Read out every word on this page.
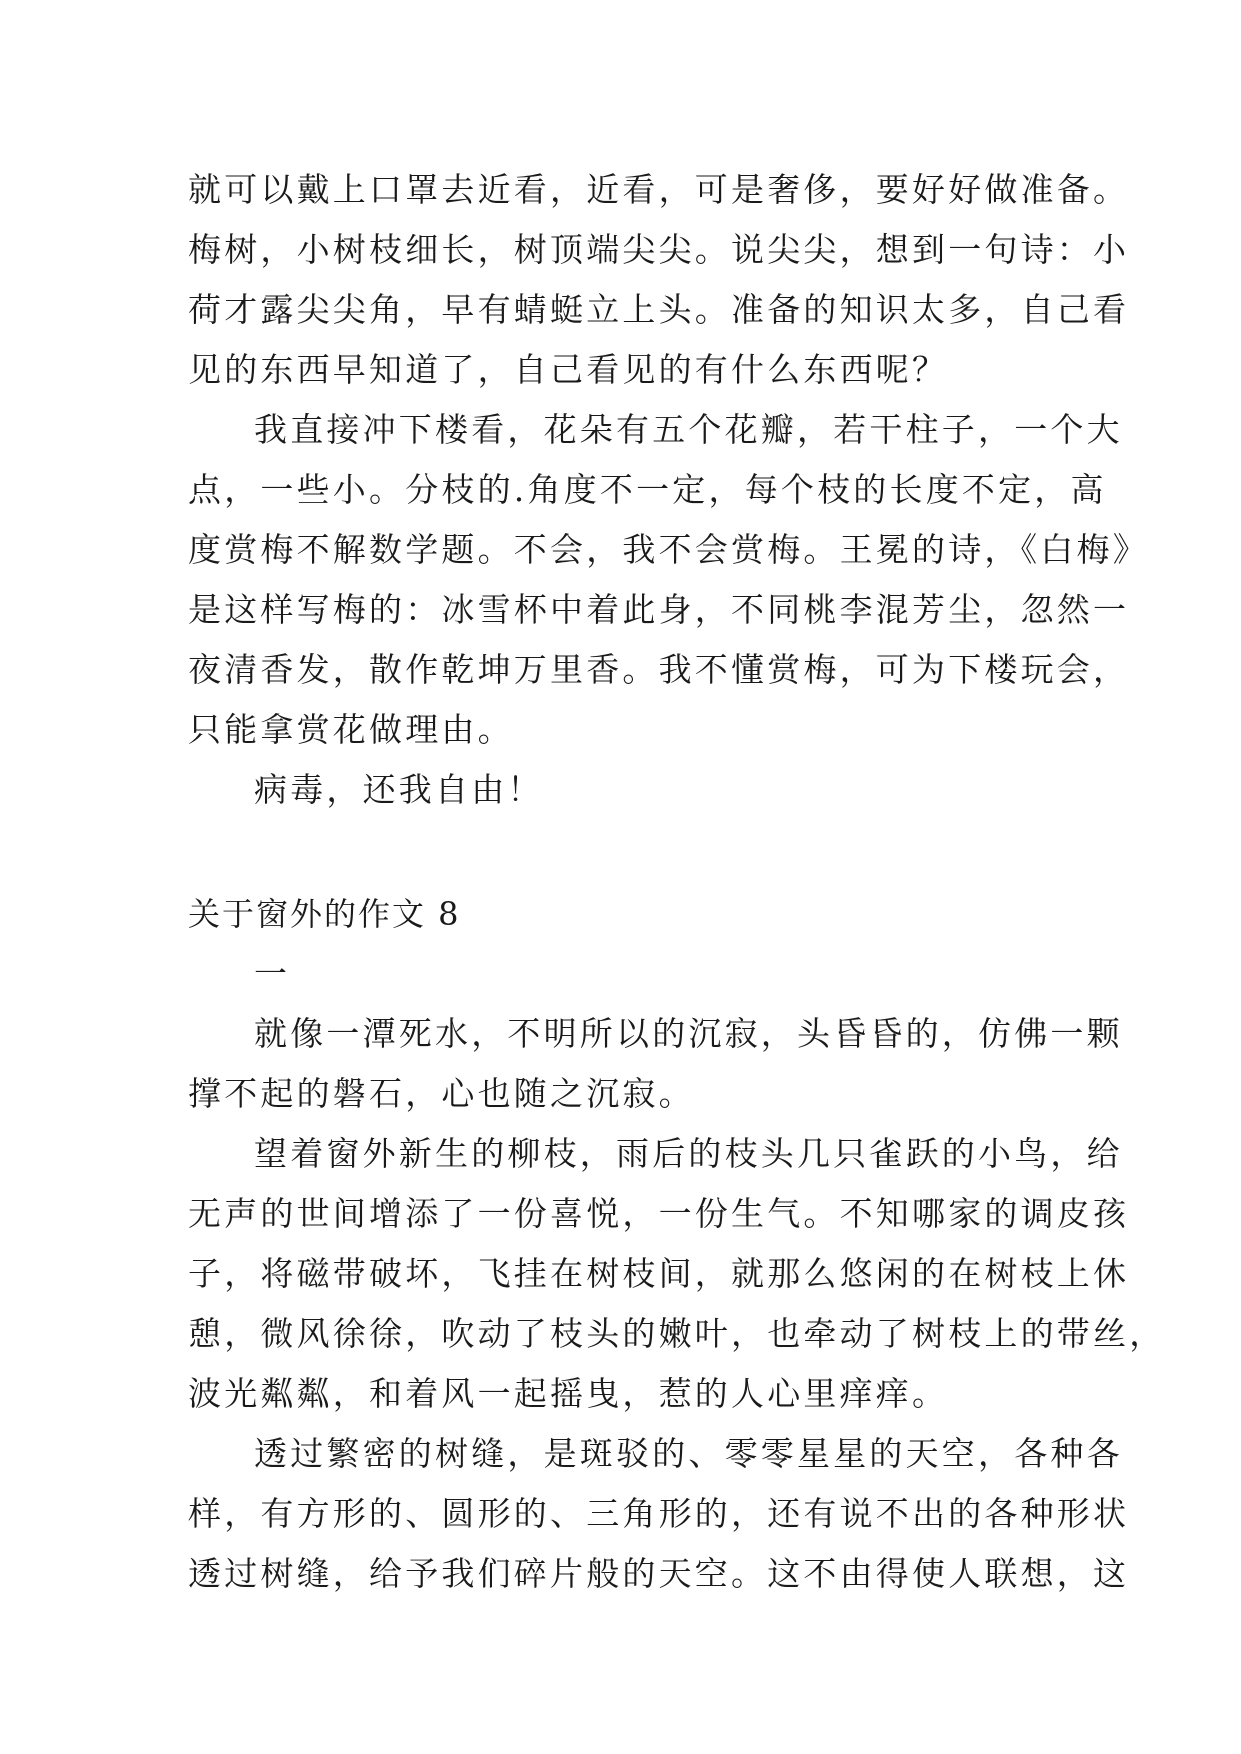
就可以戴上口罩去近看，近看，可是奢侈，要好好做准备。
梅树，小树枝细长，树顶端尖尖。说尖尖，想到一句诗：小
荷才露尖尖角，早有蜻蜓立上头。准备的知识太多，自己看
见的东西早知道了，自己看见的有什么东西呢？
我直接冲下楼看，花朵有五个花瓣，若干柱子，一个大
点，一些小。分枝的.角度不一定，每个枝的长度不定，高
度赏梅不解数学题。不会，我不会赏梅。王冕的诗，《白梅》
是这样写梅的：冰雪杯中着此身，不同桃李混芳尘，忽然一
夜清香发，散作乾坤万里香。我不懂赏梅，可为下楼玩会，
只能拿赏花做理由。
病毒，还我自由！
关于窗外的作文 8
一
就像一潭死水，不明所以的沉寂，头昏昏的，仿佛一颗
撑不起的磐石，心也随之沉寂。
望着窗外新生的柳枝，雨后的枝头几只雀跃的小鸟，给
无声的世间增添了一份喜悦，一份生气。不知哪家的调皮孩
子，将磁带破坏，飞挂在树枝间，就那么悠闲的在树枝上休
憩，微风徐徐，吹动了枝头的嫩叶，也牵动了树枝上的带丝，
波光粼粼，和着风一起摇曳，惹的人心里痒痒。
透过繁密的树缝，是斑驳的、零零星星的天空，各种各
样，有方形的、圆形的、三角形的，还有说不出的各种形状
透过树缝，给予我们碎片般的天空。这不由得使人联想，这
